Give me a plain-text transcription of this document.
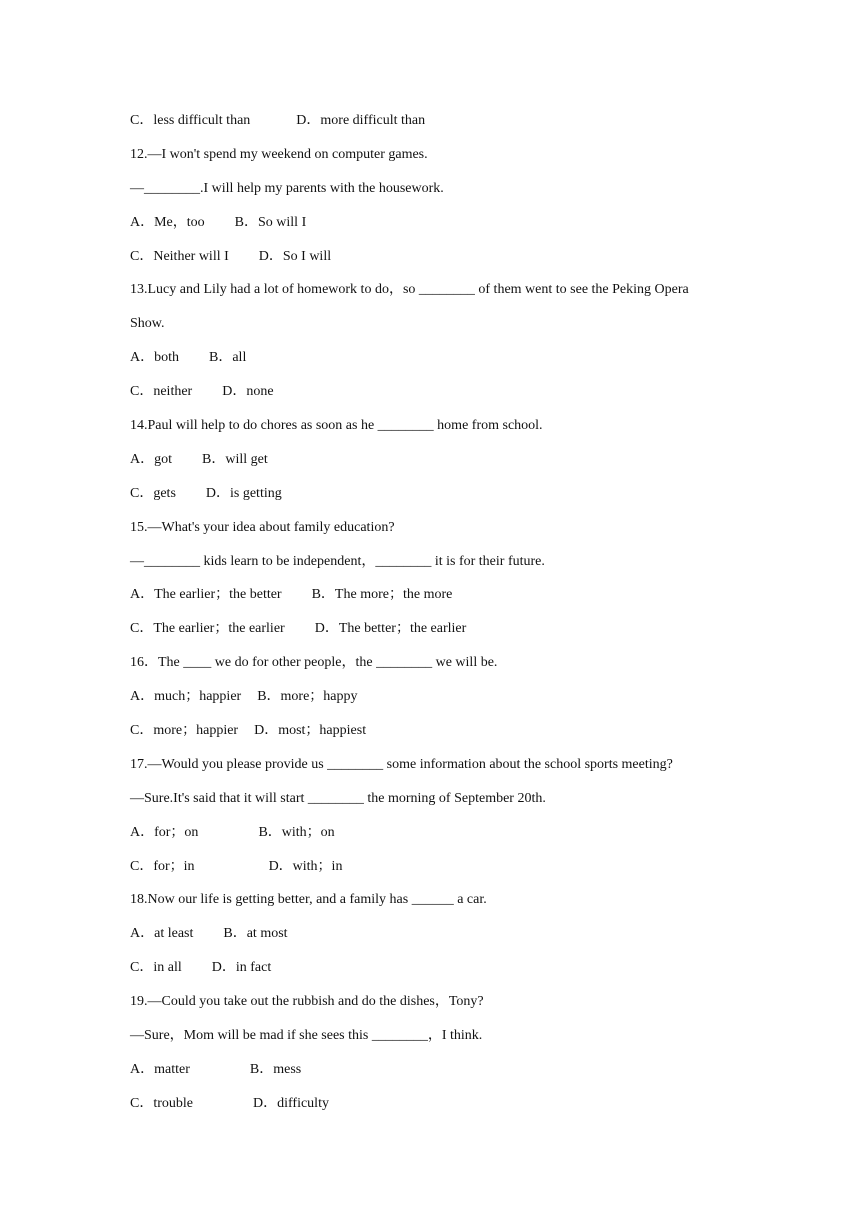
C．less difficult than	D．more difficult than
12.—I won't spend my weekend on computer games.
—________.I will help my parents with the housework.
A．Me，too B．So will I
C．Neither will I D．So I will
13.Lucy and Lily had a lot of homework to do，so ________ of them went to see the Peking Opera
Show.
A．both B．all
C．neither D．none
14.Paul will help to do chores as soon as he ________ home from school.
A．got B．will get
C．gets D．is getting
15.—What's your idea about family education?
—________ kids learn to be independent，________ it is for their future.
A．The earlier；the better B．The more；the more
C．The earlier；the earlier D．The better；the earlier
16．The ____ we do for other people，the ________ we will be.
A．much；happier B．more；happy
C．more；happier D．most；happiest
17.—Would you please provide us ________ some information about the school sports meeting?
—Sure.It's said that it will start ________ the morning of September 20th.
A．for；on	B．with；on
C．for；in	D．with；in
18.Now our life is getting better, and a family has ______ a car.
A．at least B．at most
C．in all D．in fact
19.—Could you take out the rubbish and do the dishes，Tony?
—Sure，Mom will be mad if she sees this ________，I think.
A．matter	B．mess
C．trouble	D．difficulty
